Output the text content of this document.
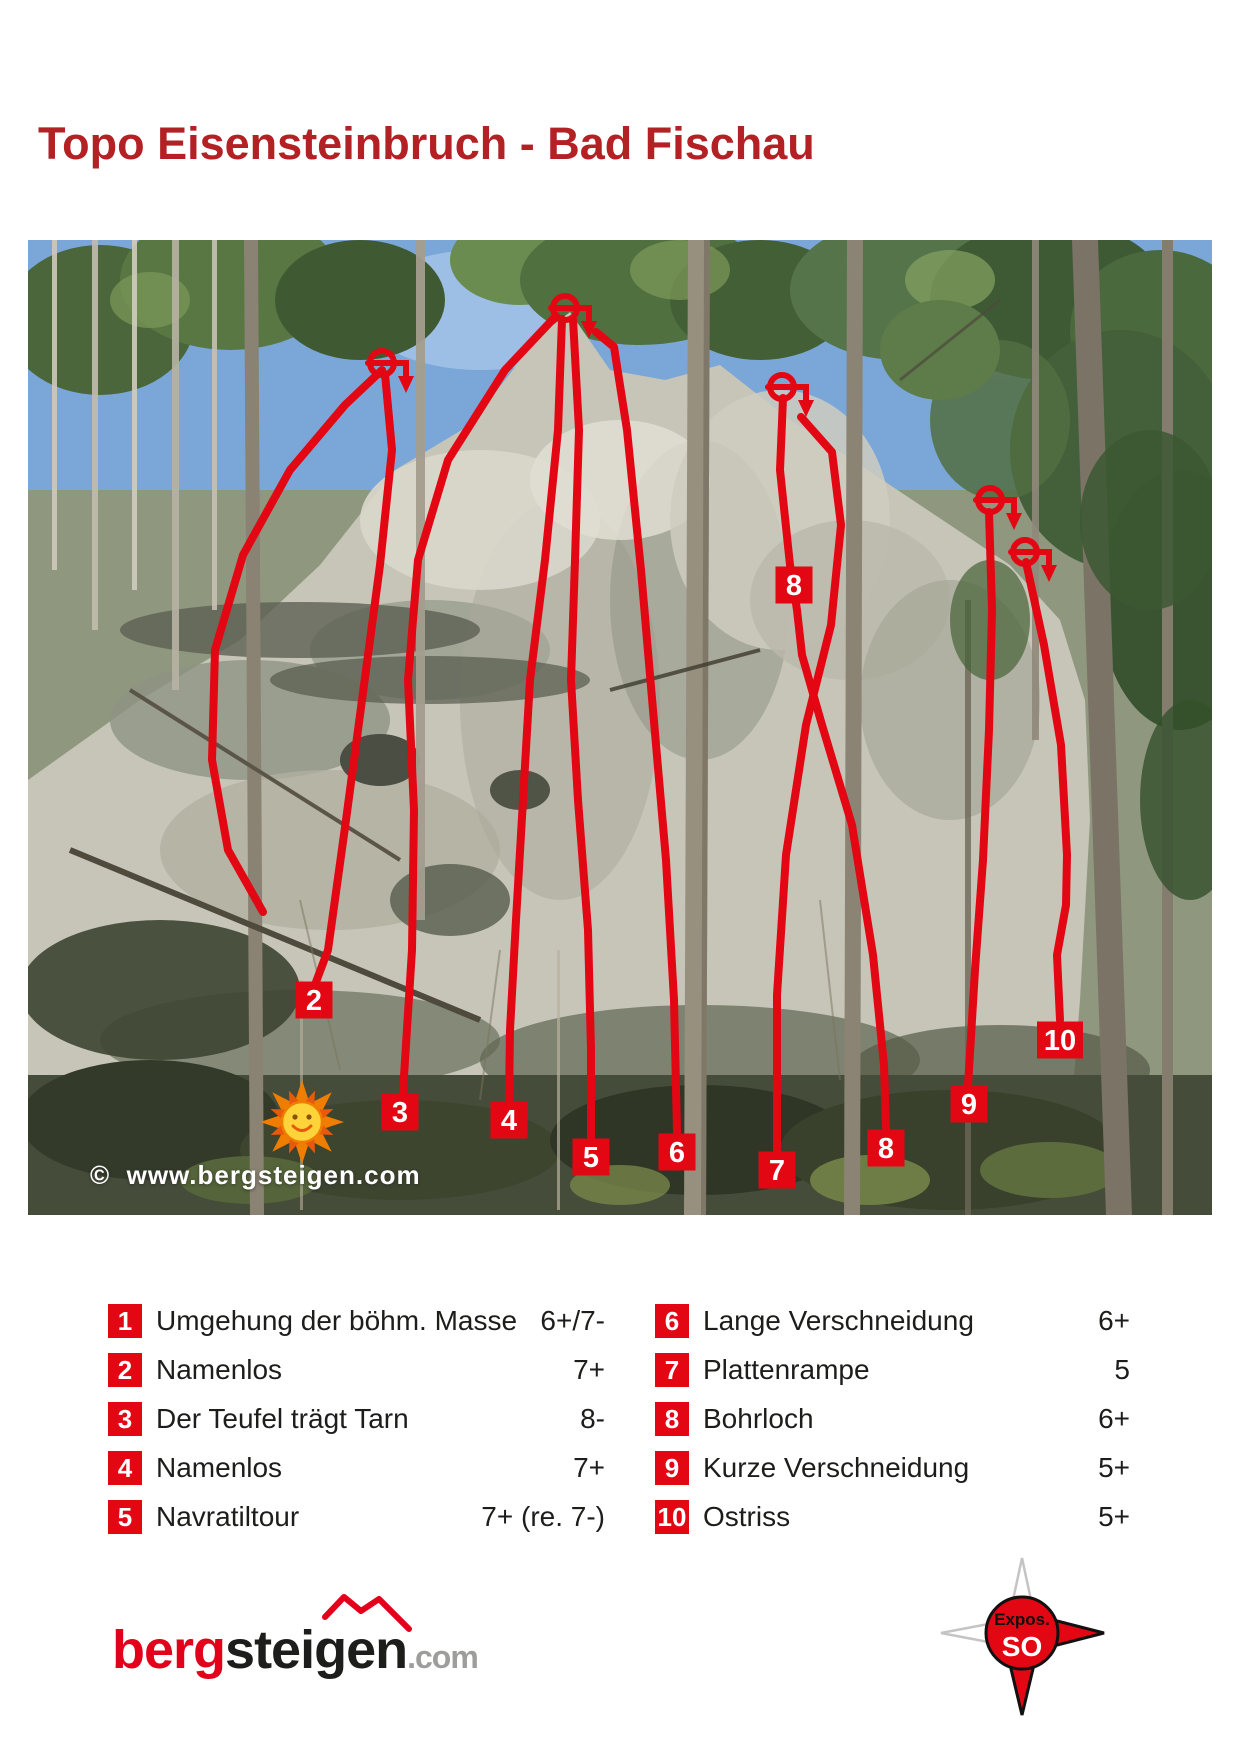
Topo Eisensteinbruch - Bad Fischau
8
2
3	4
5 6
7
8
9
10
©  www.bergsteigen.com
1 Umgehung der böhm. Masse 6+/7-
2 Namenlos	7+
3 Der Teufel trägt Tarn	8-
4 Namenlos	7+
5 Navratiltour	7+ (re. 7-)
6 Lange Verschneidung	6+
7 Plattenrampe	5
8 Bohrloch	6+
9 Kurze Verschneidung	5+
10 Ostriss	5+
bergsteigen.com
Expos.
SO
